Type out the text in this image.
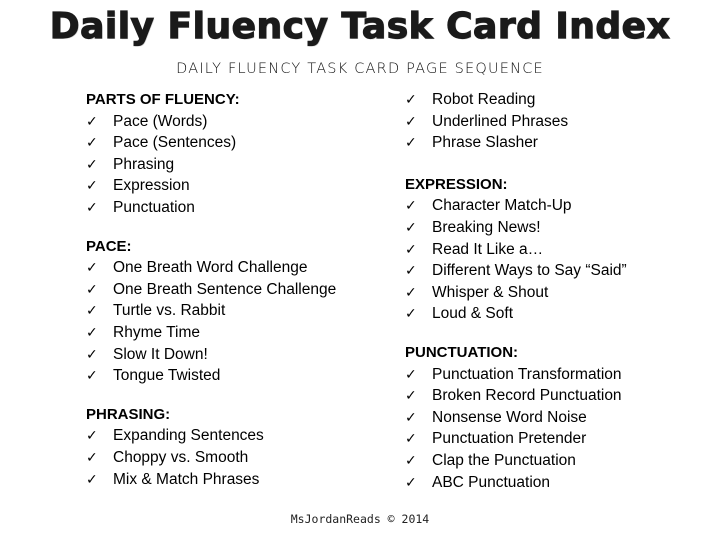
Daily Fluency Task Card Index
DAILY FLUENCY TASK CARD PAGE SEQUENCE
PARTS OF FLUENCY:
✓ Pace (Words)
✓ Pace (Sentences)
✓ Phrasing
✓ Expression
✓ Punctuation
PACE:
✓ One Breath Word Challenge
✓ One Breath Sentence Challenge
✓ Turtle vs. Rabbit
✓ Rhyme Time
✓ Slow It Down!
✓ Tongue Twisted
PHRASING:
✓ Expanding Sentences
✓ Choppy vs. Smooth
✓ Mix & Match Phrases
✓ Robot Reading
✓ Underlined Phrases
✓ Phrase Slasher
EXPRESSION:
✓ Character Match-Up
✓ Breaking News!
✓ Read It Like a…
✓ Different Ways to Say “Said”
✓ Whisper & Shout
✓ Loud & Soft
PUNCTUATION:
✓ Punctuation Transformation
✓ Broken Record Punctuation
✓ Nonsense Word Noise
✓ Punctuation Pretender
✓ Clap the Punctuation
✓ ABC Punctuation
MsJordanReads © 2014
